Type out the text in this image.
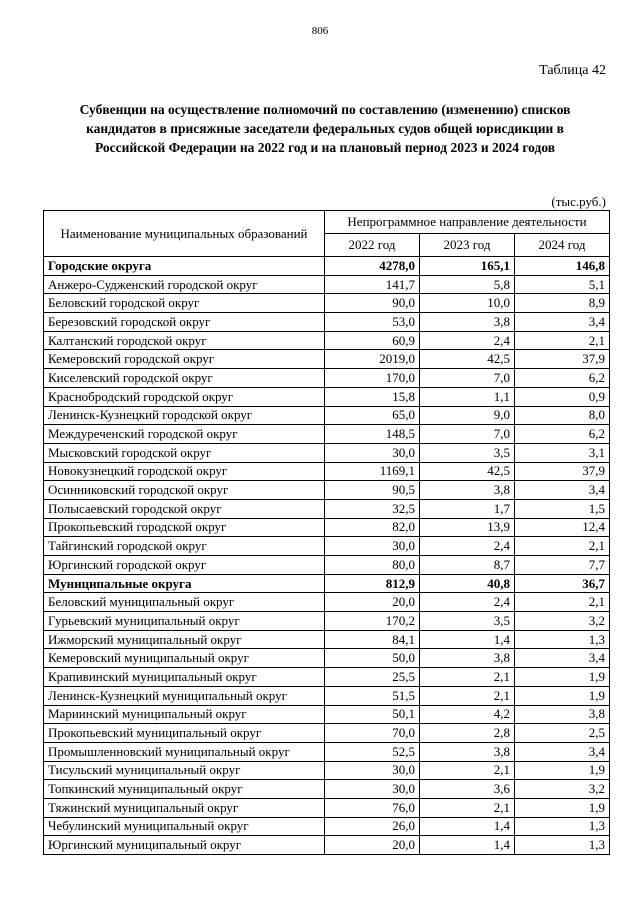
806
Таблица 42
Субвенции на осуществление полномочий по составлению (изменению) списков кандидатов в присяжные заседатели федеральных судов общей юрисдикции в Российской Федерации на 2022 год и на плановый период 2023 и 2024 годов
(тыс.руб.)
Наименование муниципальных образований	Непрограммное направление деятельности		
	2022 год	2023 год	2024 год
Городские округа	4278,0	165,1	146,8
Анжеро-Судженский городской округ	141,7	5,8	5,1
Беловский городской округ	90,0	10,0	8,9
Березовский городской округ	53,0	3,8	3,4
Калтанский городской округ	60,9	2,4	2,1
Кемеровский городской округ	2019,0	42,5	37,9
Киселевский городской округ	170,0	7,0	6,2
Краснобродский городской округ	15,8	1,1	0,9
Ленинск-Кузнецкий городской округ	65,0	9,0	8,0
Междуреченский городской округ	148,5	7,0	6,2
Мысковский городской округ	30,0	3,5	3,1
Новокузнецкий городской округ	1169,1	42,5	37,9
Осинниковский городской округ	90,5	3,8	3,4
Полысаевский городской округ	32,5	1,7	1,5
Прокопьевский городской округ	82,0	13,9	12,4
Тайгинский городской округ	30,0	2,4	2,1
Юргинский городской округ	80,0	8,7	7,7
Муниципальные округа	812,9	40,8	36,7
Беловский муниципальный округ	20,0	2,4	2,1
Гурьевский муниципальный округ	170,2	3,5	3,2
Ижморский муниципальный округ	84,1	1,4	1,3
Кемеровский муниципальный округ	50,0	3,8	3,4
Крапивинский муниципальный округ	25,5	2,1	1,9
Ленинск-Кузнецкий муниципальный округ	51,5	2,1	1,9
Мариинский муниципальный округ	50,1	4,2	3,8
Прокопьевский муниципальный округ	70,0	2,8	2,5
Промышленновский муниципальный округ	52,5	3,8	3,4
Тисульский муниципальный округ	30,0	2,1	1,9
Топкинский муниципальный округ	30,0	3,6	3,2
Тяжинский муниципальный округ	76,0	2,1	1,9
Чебулинский муниципальный округ	26,0	1,4	1,3
Юргинский муниципальный округ	20,0	1,4	1,3
